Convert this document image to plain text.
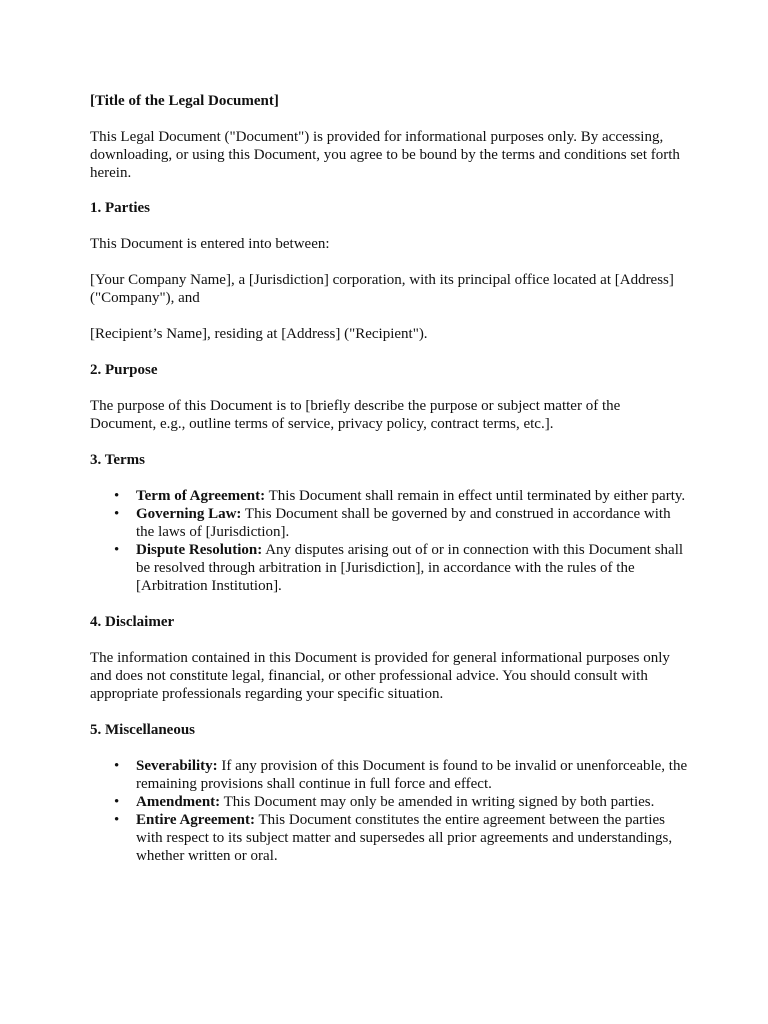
[Title of the Legal Document]

This Legal Document ("Document") is provided for informational purposes only. By accessing, downloading, or using this Document, you agree to be bound by the terms and conditions set forth herein.

1. Parties

This Document is entered into between:

[Your Company Name], a [Jurisdiction] corporation, with its principal office located at [Address] ("Company"), and

[Recipient’s Name], residing at [Address] ("Recipient").

2. Purpose

The purpose of this Document is to [briefly describe the purpose or subject matter of the Document, e.g., outline terms of service, privacy policy, contract terms, etc.].

3. Terms
• Term of Agreement: This Document shall remain in effect until terminated by either party.
• Governing Law: This Document shall be governed by and construed in accordance with the laws of [Jurisdiction].
• Dispute Resolution: Any disputes arising out of or in connection with this Document shall be resolved through arbitration in [Jurisdiction], in accordance with the rules of the [Arbitration Institution].
4. Disclaimer

The information contained in this Document is provided for general informational purposes only and does not constitute legal, financial, or other professional advice. You should consult with appropriate professionals regarding your specific situation.

5. Miscellaneous
• Severability: If any provision of this Document is found to be invalid or unenforceable, the remaining provisions shall continue in full force and effect.
• Amendment: This Document may only be amended in writing signed by both parties.
• Entire Agreement: This Document constitutes the entire agreement between the parties with respect to its subject matter and supersedes all prior agreements and understandings, whether written or oral.
